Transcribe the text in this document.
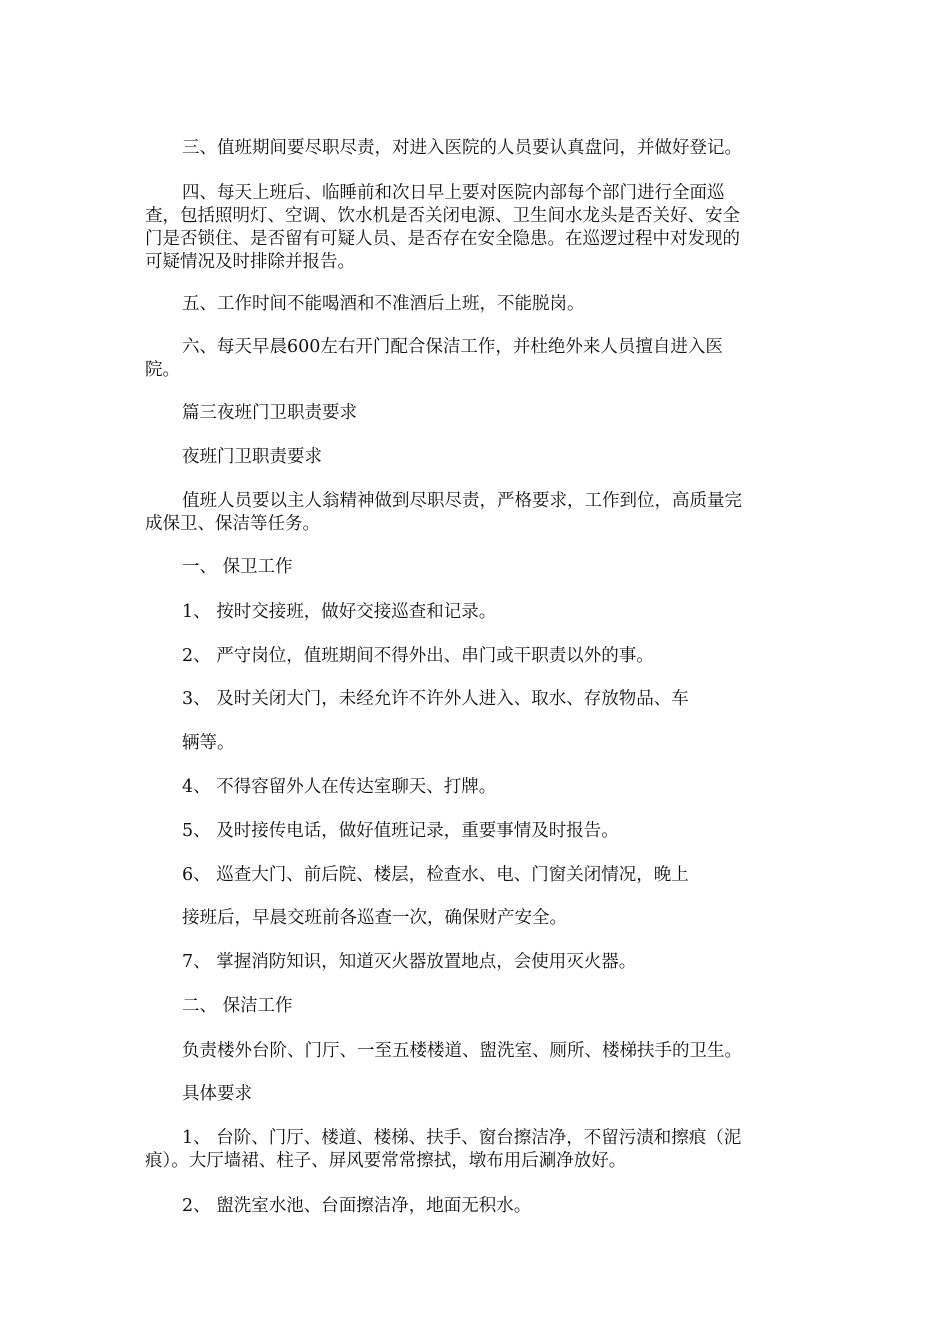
三、值班期间要尽职尽责，对进入医院的人员要认真盘问，并做好登记。
四、每天上班后、临睡前和次日早上要对医院内部每个部门进行全面巡
查，包括照明灯、空调、饮水机是否关闭电源、卫生间水龙头是否关好、安全
门是否锁住、是否留有可疑人员、是否存在安全隐患。在巡逻过程中对发现的
可疑情况及时排除并报告。
五、工作时间不能喝酒和不准酒后上班，不能脱岗。
六、每天早晨600左右开门配合保洁工作，并杜绝外来人员擅自进入医
院。
篇三夜班门卫职责要求
夜班门卫职责要求
值班人员要以主人翁精神做到尽职尽责，严格要求，工作到位，高质量完
成保卫、保洁等任务。
一、 保卫工作
1、 按时交接班，做好交接巡查和记录。
2、 严守岗位，值班期间不得外出、串门或干职责以外的事。
3、 及时关闭大门，未经允许不许外人进入、取水、存放物品、车
辆等。
4、 不得容留外人在传达室聊天、打牌。
5、 及时接传电话，做好值班记录，重要事情及时报告。
6、 巡查大门、前后院、楼层，检查水、电、门窗关闭情况，晚上
接班后，早晨交班前各巡查一次，确保财产安全。
7、 掌握消防知识，知道灭火器放置地点，会使用灭火器。
二、 保洁工作
负责楼外台阶、门厅、一至五楼楼道、盥洗室、厕所、楼梯扶手的卫生。
具体要求
1、 台阶、门厅、楼道、楼梯、扶手、窗台擦洁净，不留污渍和擦痕（泥
痕）。大厅墙裙、柱子、屏风要常常擦拭，墩布用后涮净放好。
2、 盥洗室水池、台面擦洁净，地面无积水。
